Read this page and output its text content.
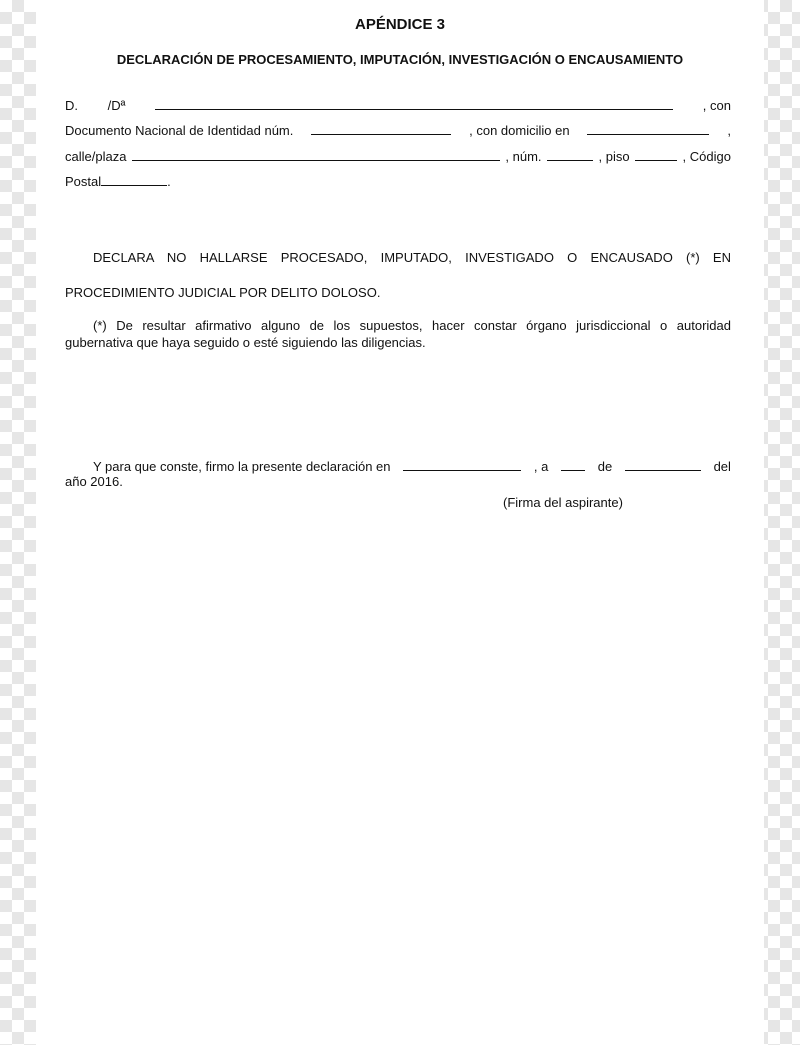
APÉNDICE 3
DECLARACIÓN DE PROCESAMIENTO, IMPUTACIÓN, INVESTIGACIÓN O ENCAUSAMIENTO
D. /Dª	, con
Documento Nacional de Identidad núm.	, con domicilio en	,
calle/plaza	, núm.	, piso	, Código
Postal	.
DECLARA NO HALLARSE PROCESADO, IMPUTADO, INVESTIGADO O ENCAUSADO (*) EN
PROCEDIMIENTO JUDICIAL POR DELITO DOLOSO.
(*) De resultar afirmativo alguno de los supuestos, hacer constar órgano jurisdiccional o autoridad
gubernativa que haya seguido o esté siguiendo las diligencias.
Y para que conste, firmo la presente declaración en	, a	de	del
año 2016.
(Firma del aspirante)
